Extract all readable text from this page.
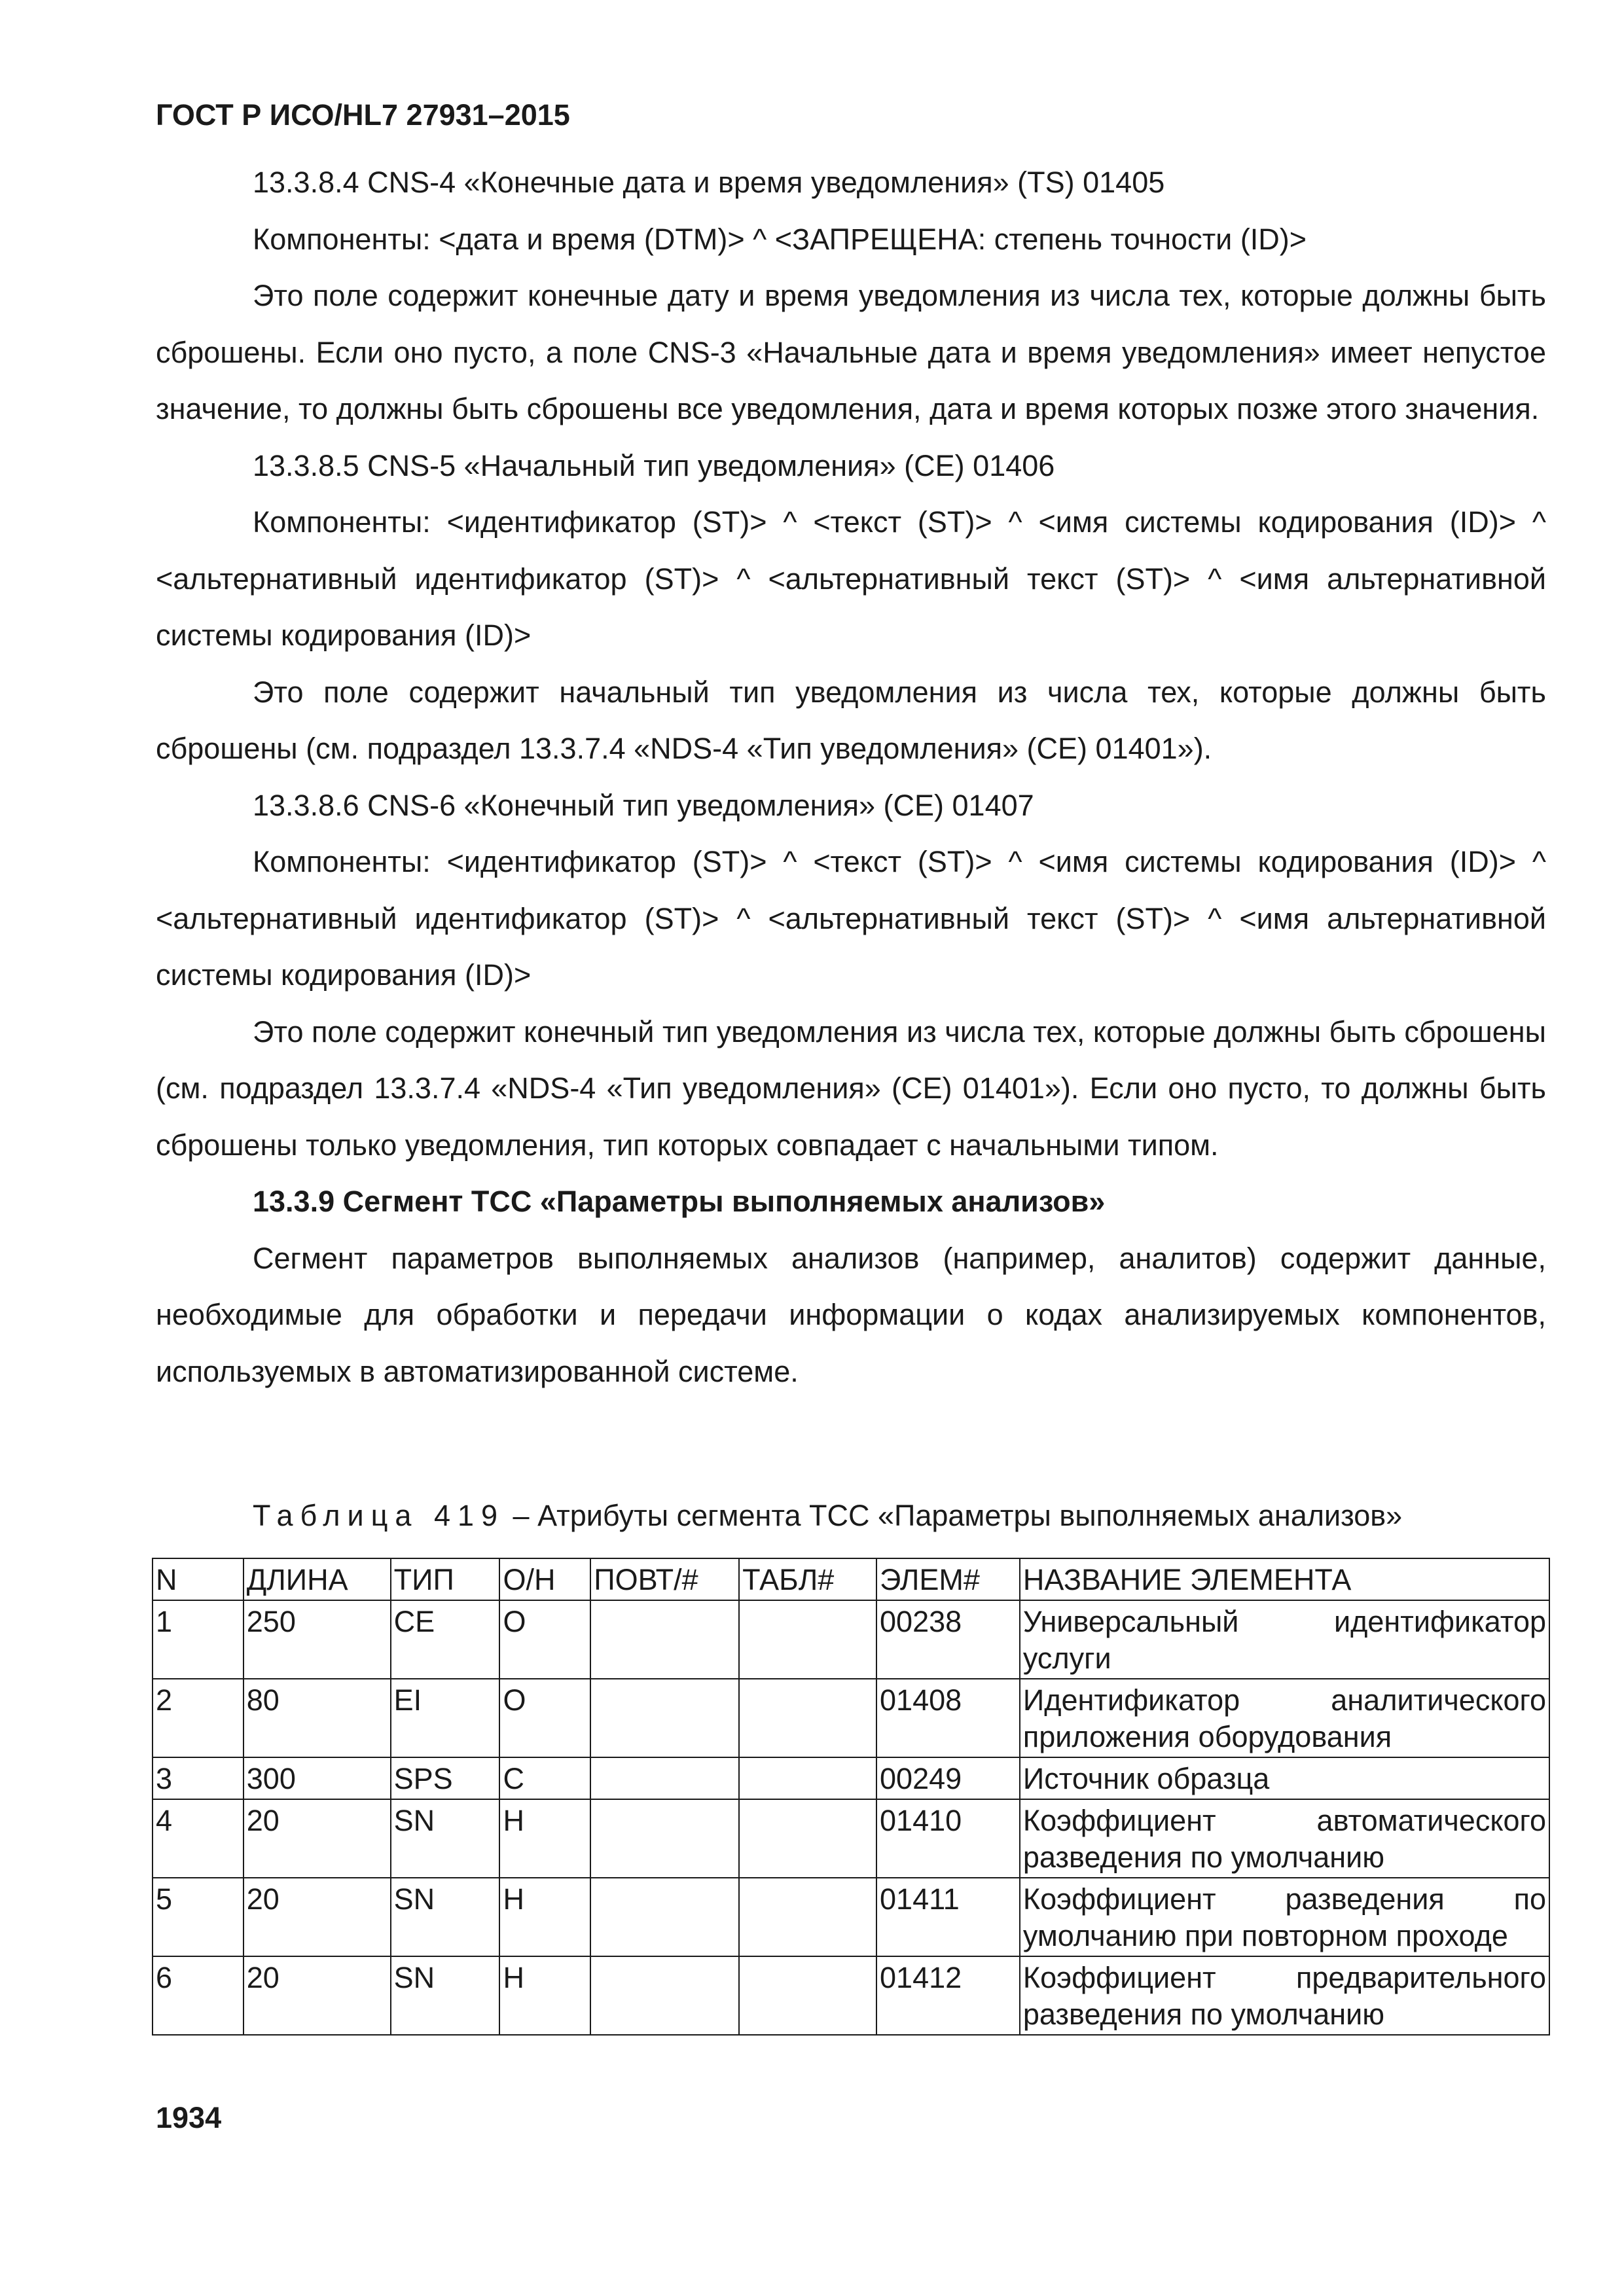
ГОСТ Р ИСО/HL7 27931–2015

13.3.8.4 CNS-4 «Конечные дата и время уведомления» (TS) 01405

Компоненты: <дата и время (DTM)> ^ <ЗАПРЕЩЕНА: степень точности (ID)>

Это поле содержит конечные дату и время уведомления из числа тех, которые должны быть сброшены. Если оно пусто, а поле CNS-3 «Начальные дата и время уведомления» имеет непустое значение, то должны быть сброшены все уведомления, дата и время которых позже этого значения.

13.3.8.5 CNS-5 «Начальный тип уведомления» (CE) 01406

Компоненты: <идентификатор (ST)> ^ <текст (ST)> ^ <имя системы кодирования (ID)> ^ <альтернативный идентификатор (ST)> ^ <альтернативный текст (ST)> ^ <имя альтернативной системы кодирования (ID)>

Это поле содержит начальный тип уведомления из числа тех, которые должны быть сброшены (см. подраздел 13.3.7.4 «NDS-4 «Тип уведомления» (CE) 01401»).

13.3.8.6 CNS-6 «Конечный тип уведомления» (CE) 01407

Компоненты: <идентификатор (ST)> ^ <текст (ST)> ^ <имя системы кодирования (ID)> ^ <альтернативный идентификатор (ST)> ^ <альтернативный текст (ST)> ^ <имя альтернативной системы кодирования (ID)>

Это поле содержит конечный тип уведомления из числа тех, которые должны быть сброшены (см. подраздел 13.3.7.4 «NDS-4 «Тип уведомления» (CE) 01401»). Если оно пусто, то должны быть сброшены только уведомления, тип которых совпадает с начальными типом.

13.3.9 Сегмент TCC «Параметры выполняемых анализов»

Сегмент параметров выполняемых анализов (например, аналитов) содержит данные, необходимые для обработки и передачи информации о кодах анализируемых компонентов, используемых в автоматизированной системе.

Таблица 419 – Атрибуты сегмента TCC «Параметры выполняемых анализов»
N	ДЛИНА	ТИП	О/Н	ПОВТ/#	ТАБЛ#	ЭЛЕМ#	НАЗВАНИЕ ЭЛЕМЕНТА
1	250	CE	O			00238	Универсальный идентификатор услуги
2	80	EI	O			01408	Идентификатор аналитического приложения оборудования
3	300	SPS	C			00249	Источник образца
4	20	SN	Н			01410	Коэффициент автоматического разведения по умолчанию
5	20	SN	Н			01411	Коэффициент разведения по умолчанию при повторном проходе
6	20	SN	Н			01412	Коэффициент предварительного разведения по умолчанию
1934
